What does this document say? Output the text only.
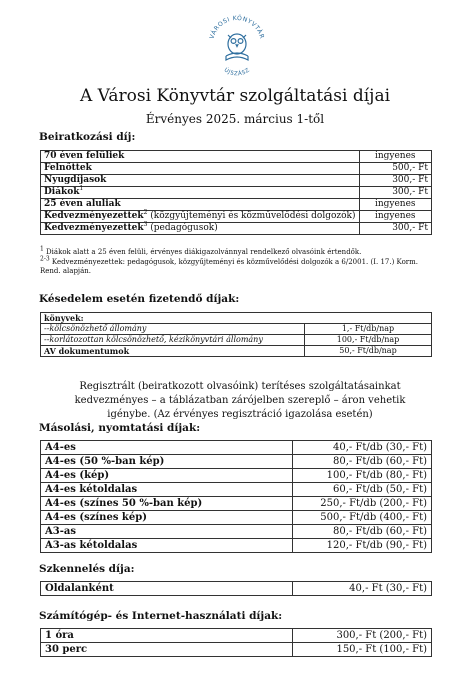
VÁROSI KÖNYVTÁR
ÚJSZÁSZ
A Városi Könyvtár szolgáltatási díjai
Érvényes 2025. március 1-től
Beiratkozási díj:
70 éven felüliek	ingyenes
Felnőttek	500,- Ft
Nyugdíjasok	300,- Ft
Diákok$^1$	300,- Ft
25 éven aluliak	ingyenes
Kedvezményezettek$^2$ (közgyűjteményi és közművelődési dolgozók)	ingyenes
Kedvezményezettek$^3$ (pedagógusok)	300,- Ft
$^1$ Diákok alatt a 25 éven felüli, érvényes diákigazolvánnyal rendelkező olvasóink értendők.
$^{2-3}$ Kedvezményezettek: pedagógusok, közgyűjteményi és közművelődési dolgozók a 6/2001. (I. 17.) Korm. Rend. alapján.
Késedelem esetén fizetendő díjak:
könyvek:	
--kölcsönözhető állomány	1,- Ft/db/nap
--korlátozottan kölcsönözhető, kézikönyvtári állomány	100,- Ft/db/nap
AV dokumentumok	50,- Ft/db/nap
Regisztrált (beiratkozott olvasóink) terítéses szolgáltatásainkat kedvezményes – a táblázatban zárójelben szereplő – áron vehetik igénybe. (Az érvényes regisztráció igazolása esetén)
Másolási, nyomtatási díjak:
A4-es	40,- Ft/db (30,- Ft)
A4-es (50 %-ban kép)	80,- Ft/db (60,- Ft)
A4-es (kép)	100,- Ft/db (80,- Ft)
A4-es kétoldalas	60,- Ft/db (50,- Ft)
A4-es (színes 50 %-ban kép)	250,- Ft/db (200,- Ft)
A4-es (színes kép)	500,- Ft/db (400,- Ft)
A3-as	80,- Ft/db (60,- Ft)
A3-as kétoldalas	120,- Ft/db (90,- Ft)
Szkennelés díja:
Oldalanként	40,- Ft (30,- Ft)
Számítógép- és Internet-használati díjak:
1 óra	300,- Ft (200,- Ft)
30 perc	150,- Ft (100,- Ft)
